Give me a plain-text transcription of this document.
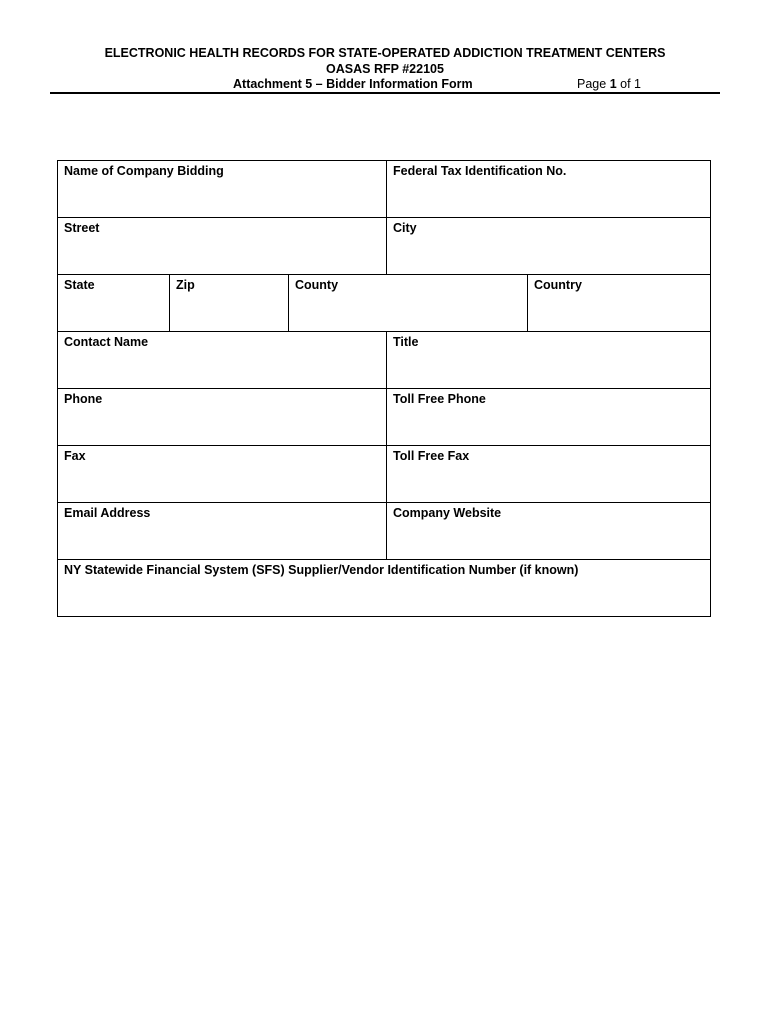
ELECTRONIC HEALTH RECORDS FOR STATE-OPERATED ADDICTION TREATMENT CENTERS
OASAS RFP #22105
Attachment 5 – Bidder Information Form	Page 1 of 1
Name of Company Bidding	Federal Tax Identification No.
Street	City
State	Zip	County	Country
Contact Name	Title
Phone	Toll Free Phone
Fax	Toll Free Fax
Email Address	Company Website
NY Statewide Financial System (SFS) Supplier/Vendor Identification Number (if known)
